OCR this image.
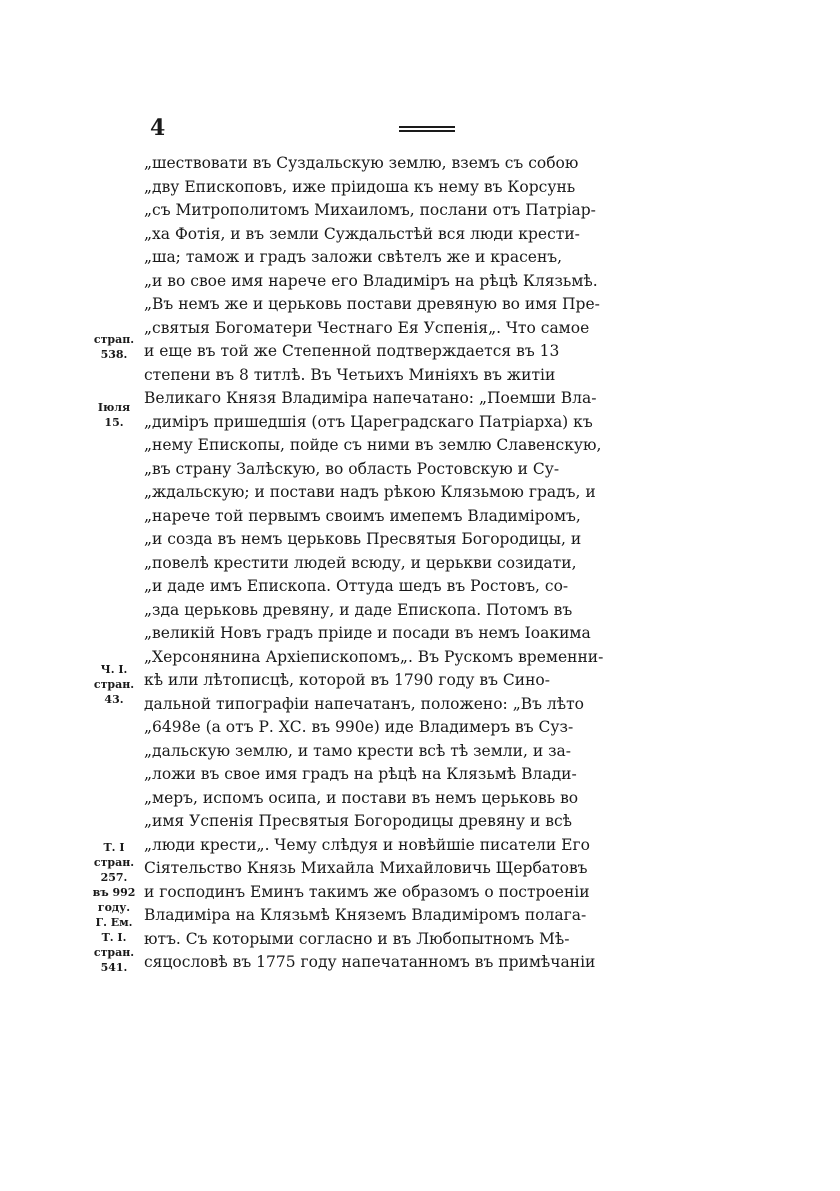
4
„шествовати въ Суздальскую землю, вземъ съ собою
„дву Епископовъ, иже прiидоша къ нему въ Корсунь
„съ Митрополитомъ Михаиломъ, послани отъ Патрiар-
„ха Фотiя, и въ земли Суждальстѣй вся люди крести-
„ша; тамож и градъ заложи свѣтелъ же и красенъ,
„и во свое имя нарече его Владимiръ на рѣцѣ Клязьмѣ.
„Въ немъ же и церьковь постави древяную во имя Пре-
„святыя Богоматери Честнаго Ея Успенiя„. Что самое
и еще въ той же Степенной подтверждается въ 13
степени въ 8 титлѣ. Въ Четьихъ Минiяхъ въ житiи
Великаго Князя Владимiра напечатано: „Поемши Вла-
„димiръ пришедшiя (отъ Цареградскаго Патрiарха) къ
„нему Епископы, пойде съ ними въ землю Славенскую,
„въ страну Залѣскую, во область Ростовскую и Су-
„ждальскую; и постави надъ рѣкою Клязьмою градъ, и
„нарече той первымъ своимъ имепемъ Владимiромъ,
„и созда въ немъ церьковь Пресвятыя Богородицы, и
„повелѣ крестити людей всюду, и церькви созидати,
„и даде имъ Епископа. Оттуда шедъ въ Ростовъ, со-
„зда церьковь древяну, и даде Епископа. Потомъ въ
„великiй Новъ градъ прiиде и посади въ немъ Iоакима
„Херсонянина Архiепископомъ„. Въ Рускомъ временни-
кѣ или лѣтописцѣ, которой въ 1790 году въ Сино-
дальной типографiи напечатанъ, положено: „Въ лѣто
„6498е (а отъ Р. ХС. въ 990е) иде Владимеръ въ Суз-
„дальскую землю, и тамо крести всѣ тѣ земли, и за-
„ложи въ свое имя градъ на рѣцѣ на Клязьмѣ Влади-
„меръ, испомъ осипа, и постави въ немъ церьковь во
„имя Успенiя Пресвятыя Богородицы древяну и всѣ
„люди крести„. Чему слѣдуя и новѣйшiе писатели Его
Сiятельство Князь Михайла Михайловичь Щербатовъ
и господинъ Еминъ такимъ же образомъ о построенiи
Владимiра на Клязьмѣ Княземъ Владимiромъ полага-
ютъ. Съ которыми согласно и въ Любопытномъ Мѣ-
сяцословѣ въ 1775 году напечатанномъ въ примѣчанiи
страп.
538.
Iюля
15.
Ч. I.
стран.
43.
Т. I
стран.
257.
въ 992
году.
Г. Ем.
Т. I.
стран.
541.
